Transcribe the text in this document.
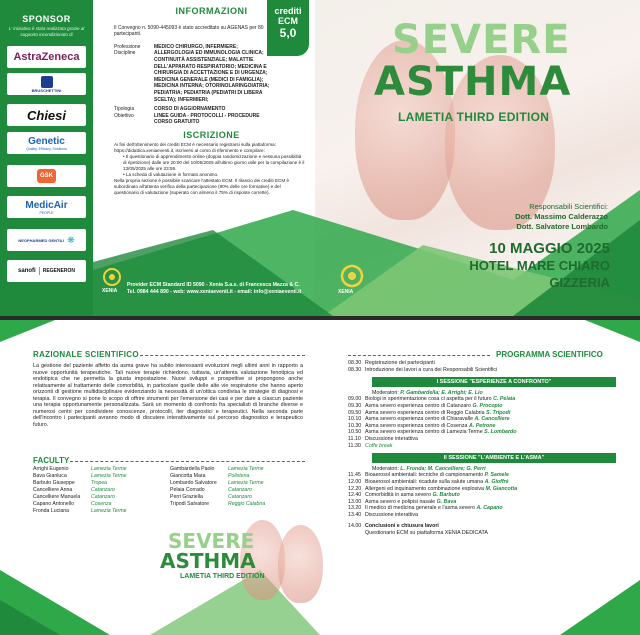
SPONSOR
L' iniziativa è stata realizzata grazie al supporto incondizionato di
AstraZeneca
BRUSCHETTINI
Chiesi
Genetic
Quality, Efficacy, Solutions
GSK
MedicAir
PEOPLE
NEOPHARMED GENTILI ❋
sanofi REGENERON
INFORMAZIONI
Il Convegno n. 5090-445093 è stato accreditato su AGENAS per 80 partecipanti.
Professione	MEDICO CHIRURGO, INFERMIERE;
Discipline	ALLERGOLOGIA ED IMMUNOLOGIA CLINICA; CONTINUITÀ ASSISTENZIALE; MALATTIE DELL'APPARATO RESPIRATORIO; MEDICINA E CHIRURGIA DI ACCETTAZIONE E DI URGENZA; MEDICINA GENERALE (MEDICI DI FAMIGLIA); MEDICINA INTERNA; OTORINOLARINGOIATRIA; PEDIATRIA; PEDIATRIA (PEDIATRI DI LIBERA SCELTA); INFERMIERI;
Tipologia	CORSO DI AGGIORNAMENTO
Obiettivo	LINEE GUIDA - PROTOCOLLI - PROCEDURE
CORSO GRATUITO
ISCRIZIONE
Ai fini dell'ottenimento dei crediti ECM è necessario registrarsi sulla piattaforma: https://didattica.xeniaeventi.it, iscriversi al corso di riferimento e compilare:
• Il questionario di apprendimento online (doppia randomizzazione e nessuna possibilità di ripetizione) dalle ore 20:00 del 10/05/2025 all'ultimo giorno utile per la compilazione è il 13/05/2025 alle ore 23:59.
• La scheda di valutazione in formato anonimo.
Nella propria sezione è possibile scaricare l'attestato ECM. Il rilascio dei crediti ECM è subordinato all'attenta verifica della partecipazione (90% delle ore formative) e del questionario di valutazione (superato con almeno il 75% di risposte corrette).
crediti
ECM
5,0	SEVERE
ASTHMA
LAMETIA THIRD EDITION
Responsabili Scientifici:
Dott. Massimo Calderazzo
Dott. Salvatore Lombardo
10 MAGGIO 2025
HOTEL MARE CHIARO GIZZERIA
XENIA
Provider ECM Standard ID 5090 - Xenia S.a.s. di Francesca Mazza & C.
Tel. 0984 444 890 - web: www.xeniaeventi.it - email: info@xeniaeventi.it	XENIA
RAZIONALE SCIENTIFICO
La gestione del paziente affetto da asma grave ha subito interessanti evoluzioni negli ultimi anni in rapporto a nuove opportunità terapeutiche. Tali nuove terapie richiedono, tuttavia, un'attenta valutazione fenotipica ed endotipica che ne permetta la giusta impostazione. Nuovi sviluppi e prospettive si propongono anche relativamente al trattamento delle comorbilità, in particolare quelle delle alte vie respiratorie che hanno aperto orizzonti di gestione multidisciplinare evidenziando la necessità di un'ottica condivisa le strategie di diagnosi e terapia. Il convegno si pone lo scopo di offrire strumenti per l'emersione dei casi e per dare a ciascun paziente una terapia opportunamente personalizzata. Sarà un momento di confronto fra specialisti di branche diverse e numerosi centri per condividere conoscenze, protocolli, iter diagnostici e terapeutici. Nella seconda parte dell'incontro i partecipanti avranno modo di discutere interattivamente sul percorso diagnostico e terapeutico futuro.
FACULTY
Arrighi Eugenio	Lamezia Terme
Bava Gianluca	Lamezia Terme
Barbuto Giuseppe	Tropea
Cancelliere Anna	Catanzaro
Cancelliere Manuela	Catanzaro
Capano Antonello	Cosenza
Fronda Luciana	Lamezia Terme
Gambardella Paolo	Lamezia Terme
Giancotta Mara	Polistena
Lombardo Salvatore	Lamezia Terme
Pelaia Corrado	Catanzaro
Perri Graziella	Catanzaro
Tripodi Salvatore	Reggio Calabria
SEVERE
ASTHMA
LAMETIA THIRD EDITION
PROGRAMMA SCIENTIFICO
08.30 Registrazione dei partecipanti
08.30 Introduzione dei lavori a cura dei Responsabili Scientifici
I SESSIONE "ESPERIENZE A CONFRONTO"
Moderatori: P. Gambardella; E. Arrighi; E. Lio
09.00 Biologi in sperimentazione cosa ci aspetta per il futuro C. Pelaia
09.30 Asma severo esperienza centro di Catanzaro G. Procopio
09.50 Asma severo esperienza centro di Reggio Calabria S. Tripodi
10.10 Asma severo esperienza centro di Chiaravalle A. Cancelliere
10.30 Asma severo esperienza centro di Cosenza A. Petrone
10.50 Asma severo esperienza centro di Lamezia Terme S. Lombardo
11.10 Discussione interattiva
11.30 Coffe break
II SESSIONE "L'AMBIENTE E L'ASMA"
Moderatori: L. Fronda; M. Cancelliere; G. Perri
11.45 Bioaerosol ambientali: tecniche di campionamento P. Samele
12.00 Bioaerosol ambientali: ricadute sulla salute umana A. Gioffrè
12.20 Allergeni ed inquinamento combinazione esplosiva M. Giancotta
12.40 Comorbidità in asma severo G. Barbuto
13.00 Asma severo e polipisi nasale G. Bava
13.20 Il medico di medicina generale e l'asma severo A. Capano
13.40 Discussione interattiva
14.00 Conclusioni e chiusura lavori
Questionario ECM su piattaforma XENIA DEDICATA
